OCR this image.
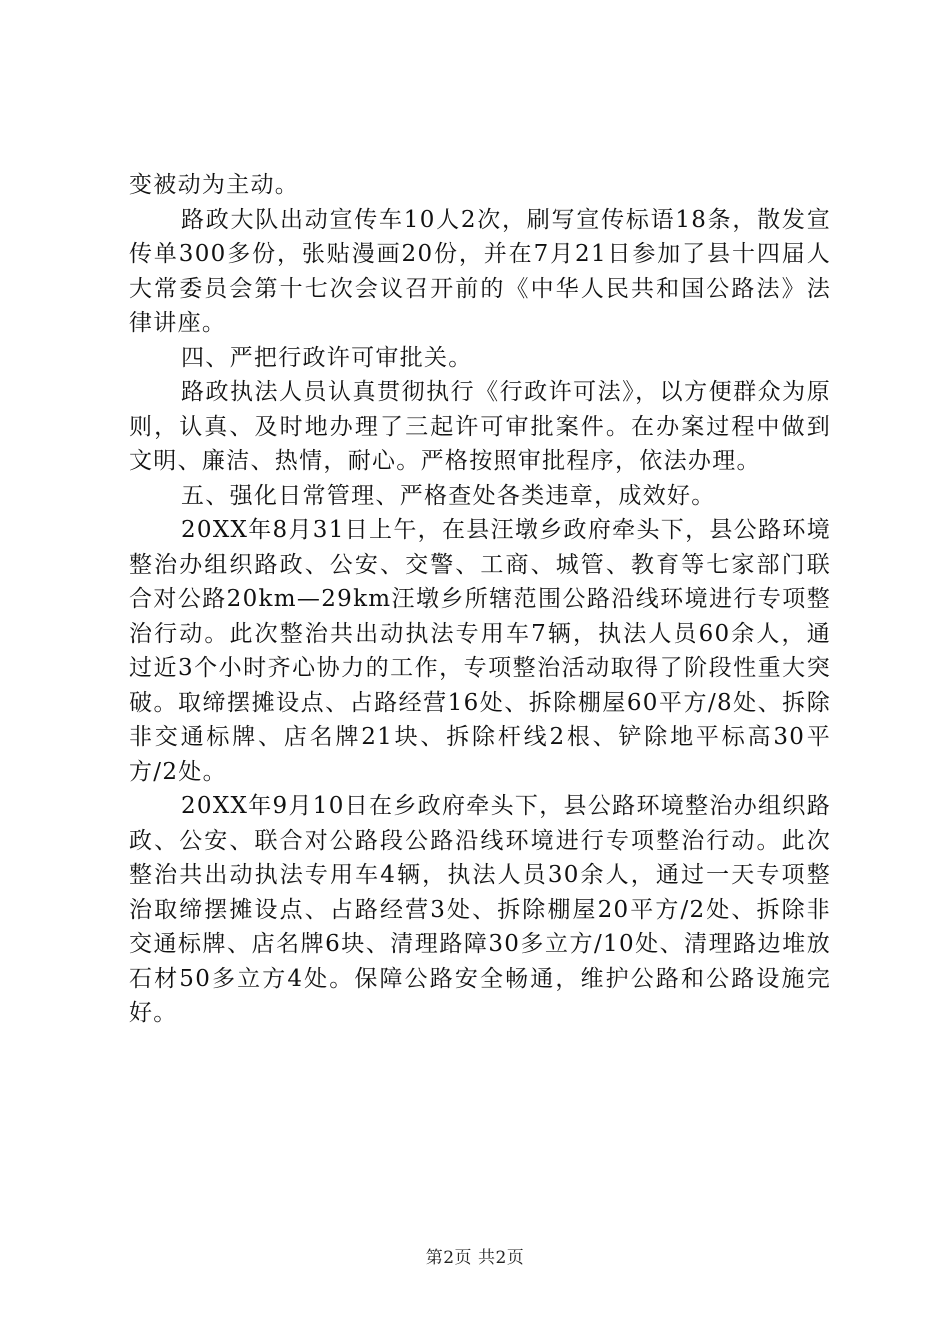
变被动为主动。

路政大队出动宣传车10人2次，刷写宣传标语18条，散发宣传单300多份，张贴漫画20份，并在7月21日参加了县十四届人大常委员会第十七次会议召开前的《中华人民共和国公路法》法律讲座。

四、严把行政许可审批关。

路政执法人员认真贯彻执行《行政许可法》，以方便群众为原则，认真、及时地办理了三起许可审批案件。在办案过程中做到文明、廉洁、热情，耐心。严格按照审批程序，依法办理。

五、强化日常管理、严格查处各类违章，成效好。

20XX年8月31日上午，在县汪墩乡政府牵头下，县公路环境整治办组织路政、公安、交警、工商、城管、教育等七家部门联合对公路20km—29km汪墩乡所辖范围公路沿线环境进行专项整治行动。此次整治共出动执法专用车7辆，执法人员60余人，通过近3个小时齐心协力的工作，专项整治活动取得了阶段性重大突破。取缔摆摊设点、占路经营16处、拆除棚屋60平方/8处、拆除非交通标牌、店名牌21块、拆除杆线2根、铲除地平标高30平方/2处。

20XX年9月10日在乡政府牵头下，县公路环境整治办组织路政、公安、联合对公路段公路沿线环境进行专项整治行动。此次整治共出动执法专用车4辆，执法人员30余人，通过一天专项整治取缔摆摊设点、占路经营3处、拆除棚屋20平方/2处、拆除非交通标牌、店名牌6块、清理路障30多立方/10处、清理路边堆放石材50多立方4处。保障公路安全畅通，维护公路和公路设施完好。

第2页 共2页
